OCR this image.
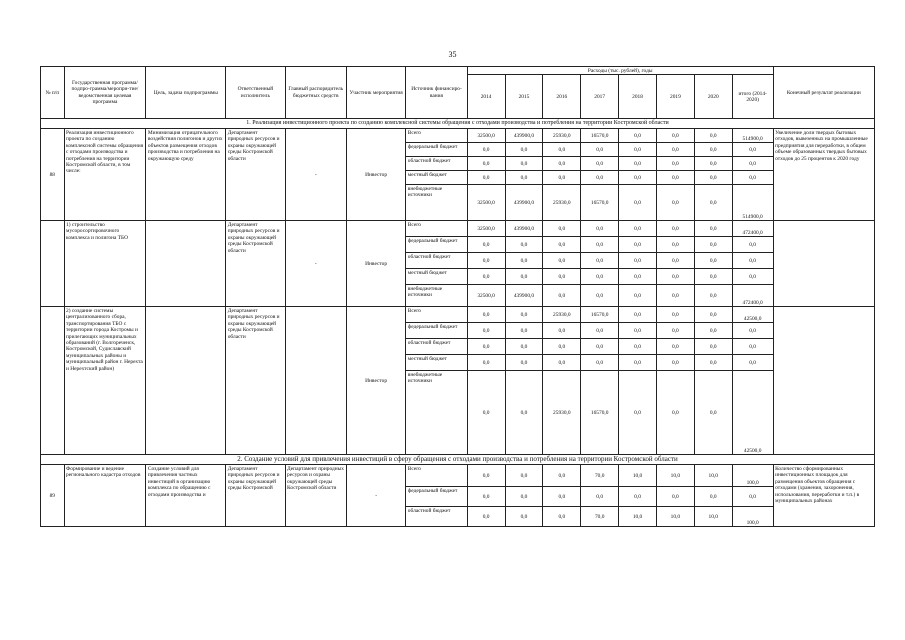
35
№ п/п	Государственная программа/подпро-грамма/меропри-тие/ведомственная целевая программа	Цель, задача подпрограммы	Ответственный исполнитель	Главный распорядитель бюджетных средств	Участник мероприятия	Источник финансиро-вания	Расходы (тыс. рублей), годы								Конечный результат реализации
							2014	2015	2016	2017	2018	2019	2020	итого (2014-2020)	
1. Реализация инвестиционного проекта по созданию комплексной системы обращения с отходами производства и потребления на территории Костромской области															
88	Реализация инвестиционного проекта по созданию комплексной системы обращения с отходами производства и потребления на территории Костромской области, в том числе:	Минимизация отрицательного воздействия полигонов и других объектов размещения отходов производства и потребления на окружающую среду	Департамент природных ресурсов и охраны окружающей среды Костромской области	-	Инвестор	Всего	32500,0	439900,0	25930,0	16570,0	0,0	0,0	0,0	514900,0	Увеличение доли твердых бытовых отходов, вывезенных на промышленные предприятия для переработки, в общем объеме образованных твердых бытовых отходов до 25 процентов к 2020 году
						федеральный бюджет	0,0	0,0	0,0	0,0	0,0	0,0	0,0	0,0	
						областной бюджет	0,0	0,0	0,0	0,0	0,0	0,0	0,0	0,0	
						местный бюджет	0,0	0,0	0,0	0,0	0,0	0,0	0,0	0,0	
						внебюджетные источники	32500,0	439900,0	25930,0	16570,0	0,0	0,0	0,0	514900,0	
	1) строительство мусоросортировочного комплекса и полигона ТБО		Департамент природных ресурсов и охраны окружающей среды Костромской области	-	Инвестор	Всего	32500,0	439900,0	0,0	0,0	0,0	0,0	0,0	472400,0	
						федеральный бюджет	0,0	0,0	0,0	0,0	0,0	0,0	0,0	0,0	
						областной бюджет	0,0	0,0	0,0	0,0	0,0	0,0	0,0	0,0	
						местный бюджет	0,0	0,0	0,0	0,0	0,0	0,0	0,0	0,0	
						внебюджетные источники	32500,0	439900,0	0,0	0,0	0,0	0,0	0,0	472400,0	
	2) создание системы централизованного сбора, транспортирования ТБО с территории города Костромы и прилегающих муниципальных образований (г. Волгореченск, Костромской, Судиславский муниципальных районы и муниципальный район г. Нерехта и Нерехтский район)		Департамент природных ресурсов и охраны окружающей среды Костромской области		Инвестор	Всего	0,0	0,0	25930,0	16570,0	0,0	0,0	0,0	42500,0	
						федеральный бюджет	0,0	0,0	0,0	0,0	0,0	0,0	0,0	0,0	
						областной бюджет	0,0	0,0	0,0	0,0	0,0	0,0	0,0	0,0	
						местный бюджет	0,0	0,0	0,0	0,0	0,0	0,0	0,0	0,0	
						внебюджетные источники	0,0	0,0	25930,0	16570,0	0,0	0,0	0,0	42500,0	
2. Создание условий для привлечения инвестиций в сферу обращения с отходами производства и потребления на территории Костромской области															
89	Формирование и ведение регионального кадастра отходов	Создание условий для привлечения частных инвестиций в организацию комплекса по обращению с отходами производства и	Департамент природных ресурсов и охраны окружающей среды Костромской	Департамент природных ресурсов и охраны окружающей среды Костромской области	-	Всего	0,0	0,0	0,0	70,0	10,0	10,0	10,0	100,0	Количество сформированных инвестиционных площадок для размещения объектов обращения с отходами (хранения, захоронения, использования, переработки и т.п.) в муниципальных районах
						федеральный бюджет	0,0	0,0	0,0	0,0	0,0	0,0	0,0	0,0	
						областной бюджет	0,0	0,0	0,0	70,0	10,0	10,0	10,0	100,0	
